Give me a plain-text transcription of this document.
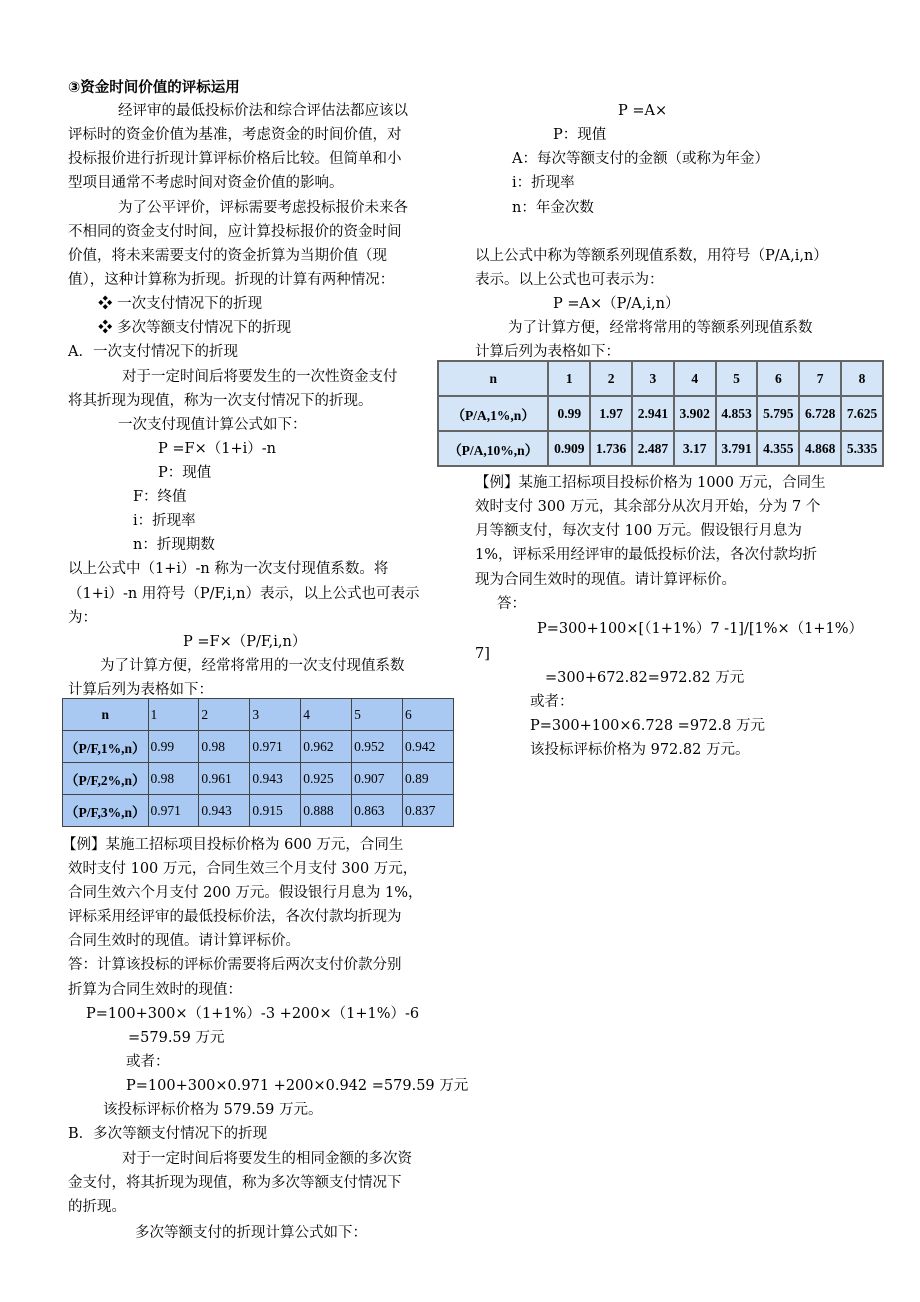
n	1	2	3	4	5	6
（P/F,1%,n）	0.99	0.98	0.971	0.962	0.952	0.942
（P/F,2%,n）	0.98	0.961	0.943	0.925	0.907	0.89
（P/F,3%,n）	0.971	0.943	0.915	0.888	0.863	0.837
n	1	2	3	4	5	6	7	8
（P/A,1%,n）	0.99	1.97	2.941	3.902	4.853	5.795	6.728	7.625
（P/A,10%,n）	0.909	1.736	2.487	3.17	3.791	4.355	4.868	5.335
③资金时间价值的评标运用
经评审的最低投标价法和综合评估法都应该以
评标时的资金价值为基准，考虑资金的时间价值，对
投标报价进行折现计算评标价格后比较。但简单和小
型项目通常不考虑时间对资金价值的影响。
为了公平评价，评标需要考虑投标报价未来各
不相同的资金支付时间，应计算投标报价的资金时间
价值，将未来需要支付的资金折算为当期价值（现
值），这种计算称为折现。折现的计算有两种情况：
❖ 一次支付情况下的折现
❖ 多次等额支付情况下的折现
A．一次支付情况下的折现
对于一定时间后将要发生的一次性资金支付
将其折现为现值，称为一次支付情况下的折现。
一次支付现值计算公式如下：
P =F×（1+i）-n
P：现值
F：终值
i：折现率
n：折现期数
以上公式中（1+i）-n 称为一次支付现值系数。将
（1+i）-n 用符号（P/F,i,n）表示，以上公式也可表示
为：
P =F×（P/F,i,n）
为了计算方便，经常将常用的一次支付现值系数
计算后列为表格如下：
【例】某施工招标项目投标价格为 600 万元，合同生
效时支付 100 万元，合同生效三个月支付 300 万元，
合同生效六个月支付 200 万元。假设银行月息为 1%，
评标采用经评审的最低投标价法，各次付款均折现为
合同生效时的现值。请计算评标价。
答：计算该投标的评标价需要将后两次支付价款分别
折算为合同生效时的现值：
P=100+300×（1+1%）-3 +200×（1+1%）-6
=579.59 万元
或者：
P=100+300×0.971 +200×0.942 =579.59 万元
该投标评标价格为 579.59 万元。
B．多次等额支付情况下的折现
对于一定时间后将要发生的相同金额的多次资
金支付，将其折现为现值，称为多次等额支付情况下
的折现。
多次等额支付的折现计算公式如下：
P =A×
P：现值
A：每次等额支付的金额（或称为年金）
i：折现率
n：年金次数
以上公式中称为等额系列现值系数，用符号（P/A,i,n）
表示。以上公式也可表示为：
P =A×（P/A,i,n）
为了计算方便，经常将常用的等额系列现值系数
计算后列为表格如下：
【例】某施工招标项目投标价格为 1000 万元，合同生
效时支付 300 万元，其余部分从次月开始，分为 7 个
月等额支付，每次支付 100 万元。假设银行月息为
1%，评标采用经评审的最低投标价法，各次付款均折
现为合同生效时的现值。请计算评标价。
答：
P=300+100×[（1+1%）7 -1]/[1%×（1+1%）
7]
=300+672.82=972.82 万元
或者：
P=300+100×6.728 =972.8 万元
该投标评标价格为 972.82 万元。
